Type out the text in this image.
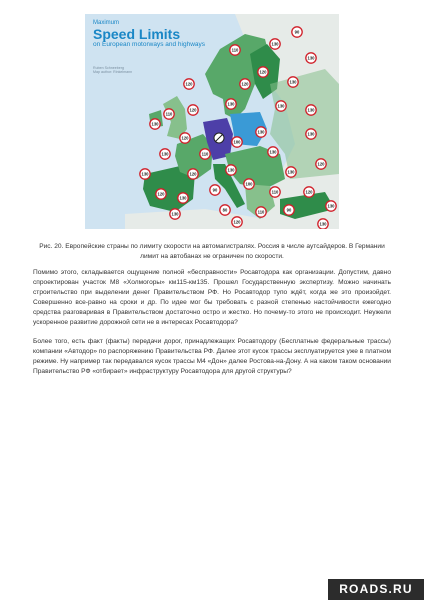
120
90
130
110
130
120
130
120
130
130
110
120
130
130
120
130	130
110
100
130
120
130
120
130	130
120
130
90
100
110	120
130
110
120
90
130
130
130
80
Maximum
Speed Limits
on European motorways and highways
Ruben Schneeberg
Map author: Rinkelmann
Рис. 20. Европейские страны по лимиту скорости на автомагистралях. Россия в числе аутсайдеров. В Германии лимит на автобанах не ограничен по скорости.

Помимо этого, складывается ощущение полной «бесправности» Росавтодора как организации. Допустим, давно спроектирован участок М8 «Холмогоры» км115-км135. Прошел Государственную экспертизу. Можно начинать строительство при выделении денег Правительством РФ. Но Росавтодор тупо ждёт, когда же это произойдет. Совершенно все-равно на сроки и др. По идее мог бы требовать с разной степенью настойчивости ежегодно средства разговаривая в Правительством достаточно остро и жестко. Но почему-то этого не происходит. Неужели ускоренное развитие дорожной сети не в интересах Росавтодора?

Более того, есть факт (факты) передачи дорог, принадлежащих Росавтодору (Бесплатные федеральные трассы) компании «Автодор» по распоряжению Правительства РФ. Далее этот кусок трассы эксплуатируется уже в платном режиме. Ну например так передавался кусок трассы М4 «Дон» далее Ростова-на-Дону. А на каком таком основании Правительство РФ «отбирает» инфраструктуру Росавтодора для другой структуры?

ROADS.RU
